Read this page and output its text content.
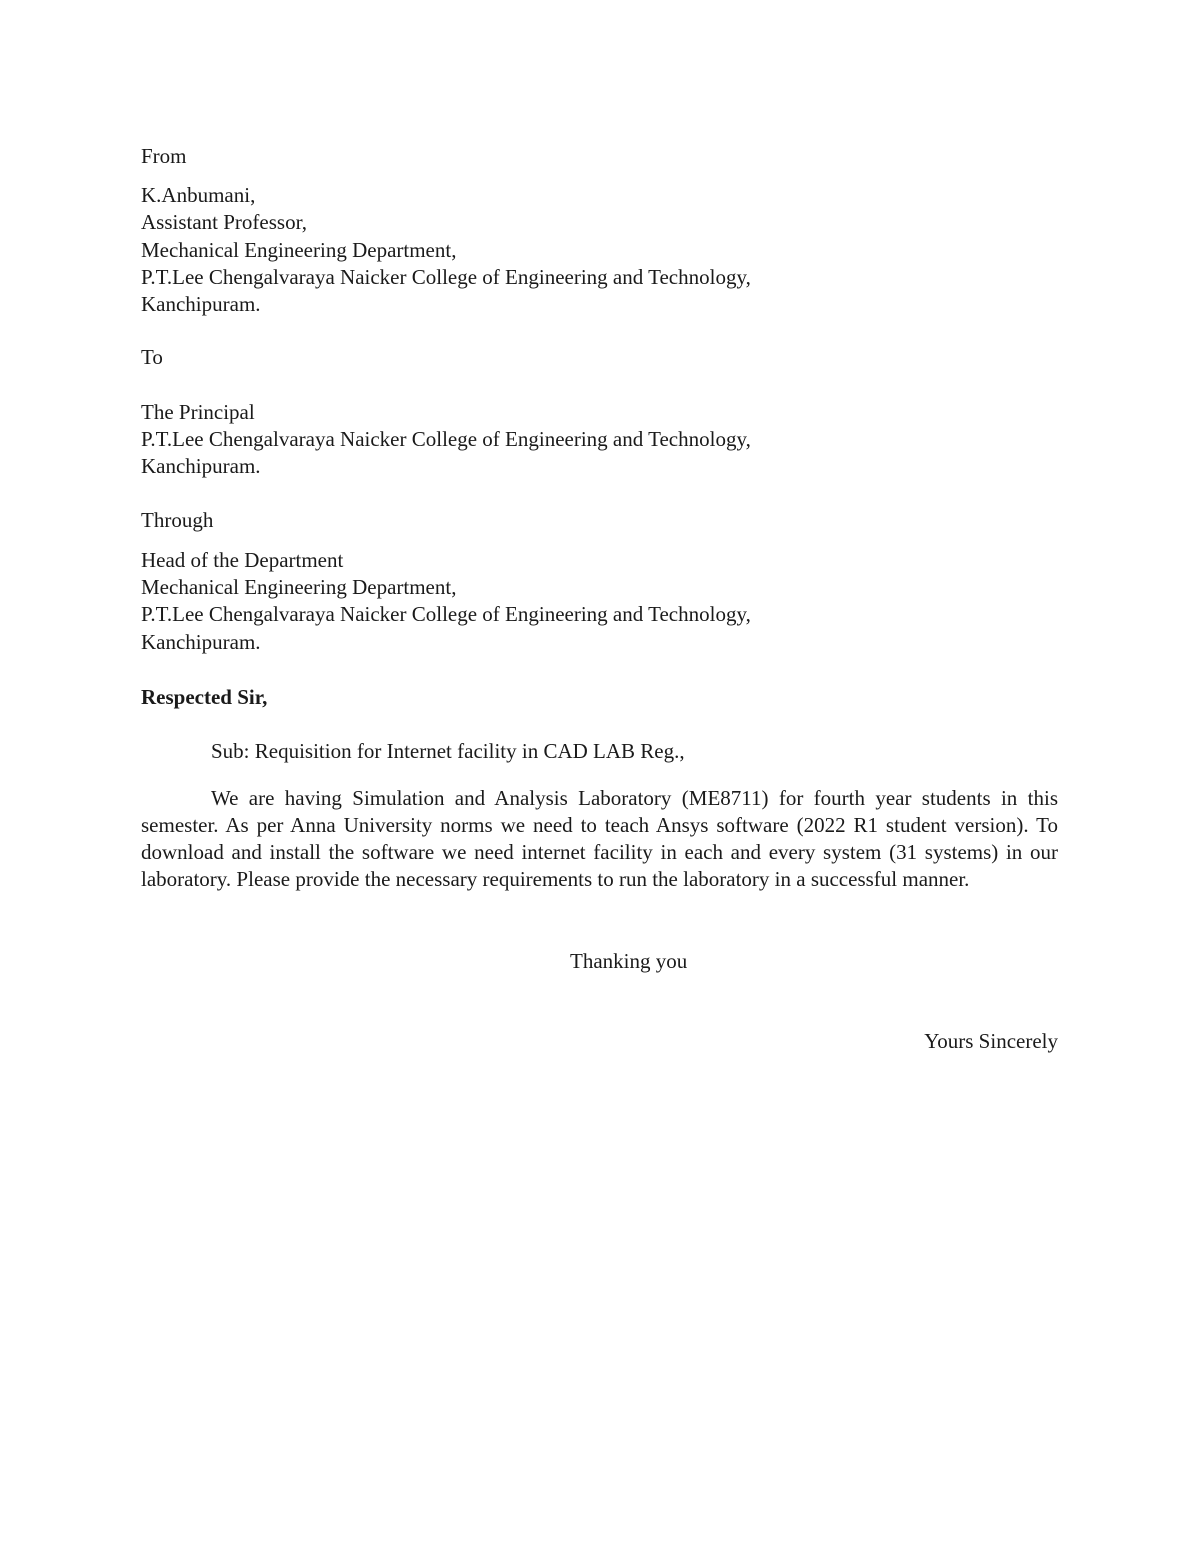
From
K.Anbumani,
Assistant Professor,
Mechanical Engineering Department,
P.T.Lee Chengalvaraya Naicker College of Engineering and Technology,
Kanchipuram.
To
The Principal
P.T.Lee Chengalvaraya Naicker College of Engineering and Technology,
Kanchipuram.
Through
Head of the Department
Mechanical Engineering Department,
P.T.Lee Chengalvaraya Naicker College of Engineering and Technology,
Kanchipuram.
Respected Sir,
Sub: Requisition for Internet facility in CAD LAB Reg.,
We are having Simulation and Analysis Laboratory (ME8711) for fourth year students in this semester. As per Anna University norms we need to teach Ansys software (2022 R1 student version). To download and install the software we need internet facility in each and every system (31 systems) in our laboratory. Please provide the necessary requirements to run the laboratory in a successful manner.
Thanking you
Yours Sincerely
